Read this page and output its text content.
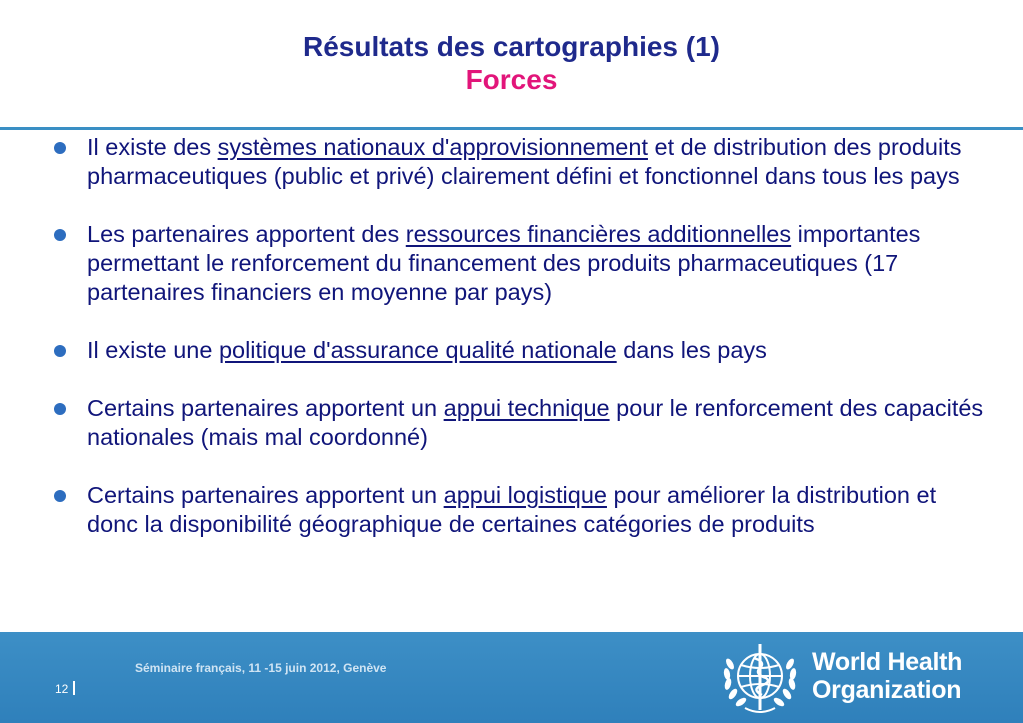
Résultats des cartographies (1)
Forces
Il existe des systèmes nationaux d'approvisionnement et de distribution des produits pharmaceutiques (public et privé) clairement défini et fonctionnel dans tous les pays
Les partenaires apportent des ressources financières additionnelles importantes permettant le renforcement du financement des produits pharmaceutiques (17 partenaires financiers en moyenne par pays)
Il existe une politique d'assurance qualité nationale dans les pays
Certains partenaires apportent un appui technique pour le renforcement des capacités nationales (mais mal coordonné)
Certains partenaires apportent un appui logistique pour améliorer la distribution et donc la disponibilité géographique de certaines catégories de produits
Séminaire français, 11 -15 juin 2012, Genève
12
World Health
Organization
